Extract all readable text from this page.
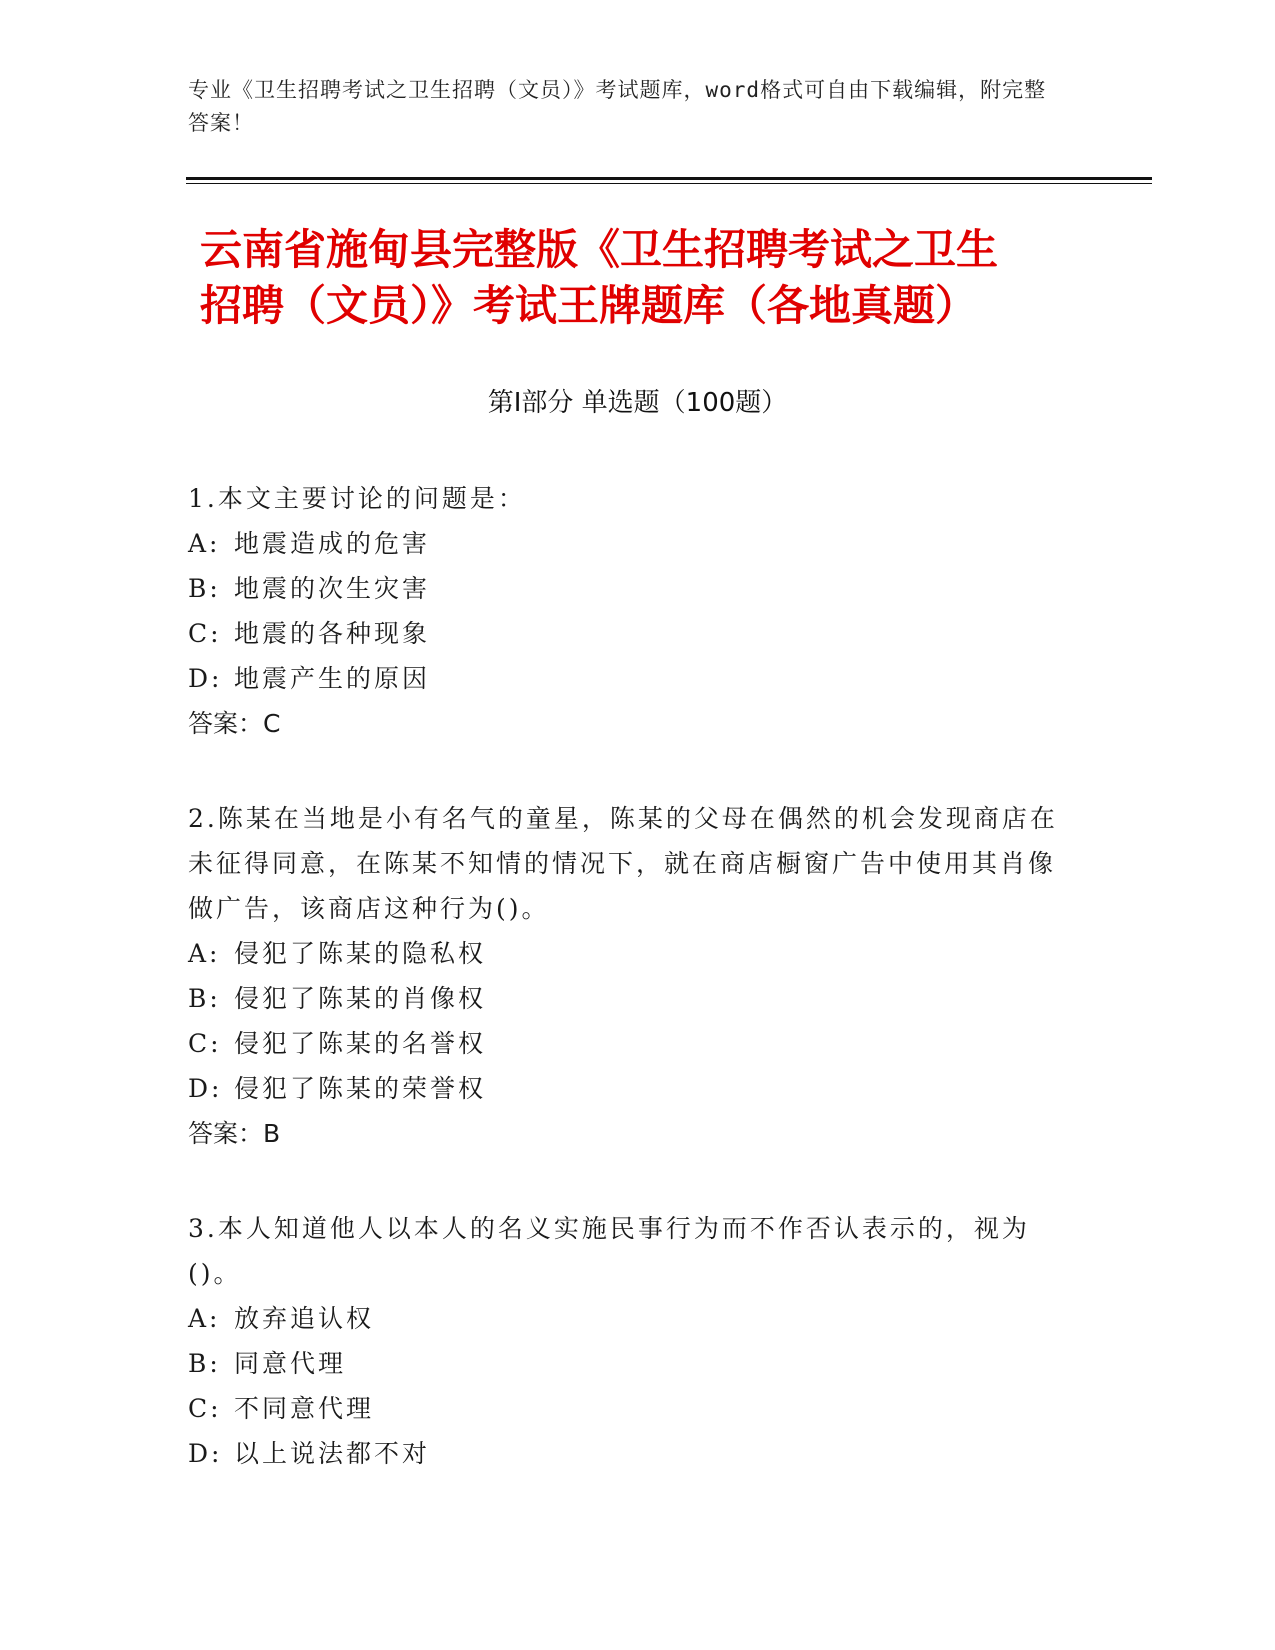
专业《卫生招聘考试之卫生招聘（文员）》考试题库，word格式可自由下载编辑，附完整答案！
云南省施甸县完整版《卫生招聘考试之卫生
招聘（文员）》考试王牌题库（各地真题）
第I部分 单选题（100题）

1.本文主要讨论的问题是：

A: 地震造成的危害

B: 地震的次生灾害

C: 地震的各种现象

D: 地震产生的原因

答案：C

2.陈某在当地是小有名气的童星，陈某的父母在偶然的机会发现商店在未征得同意，在陈某不知情的情况下，就在商店橱窗广告中使用其肖像做广告，该商店这种行为()。

A: 侵犯了陈某的隐私权

B: 侵犯了陈某的肖像权

C: 侵犯了陈某的名誉权

D: 侵犯了陈某的荣誉权

答案：B

3.本人知道他人以本人的名义实施民事行为而不作否认表示的，视为()。

A: 放弃追认权

B: 同意代理

C: 不同意代理

D: 以上说法都不对
